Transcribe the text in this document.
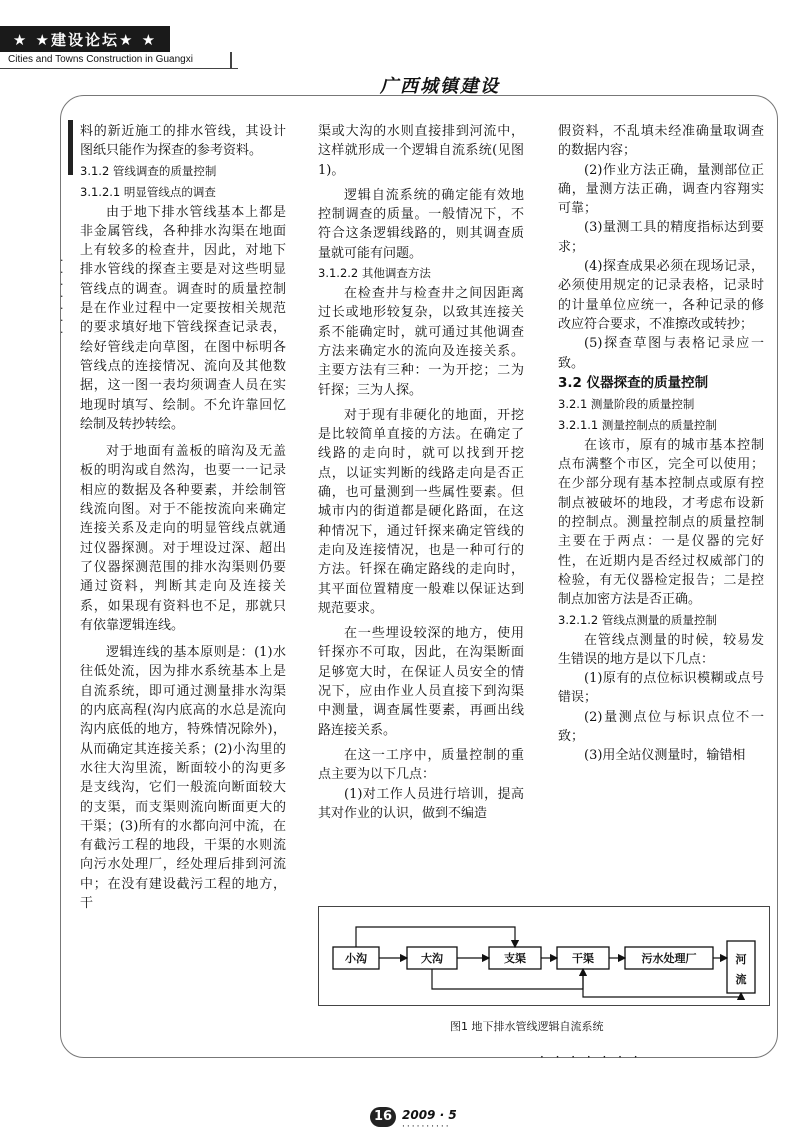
★ ★建设论坛★ ★
Cities and Towns Construction in Guangxi
广西城镇建设
·
·
·
·
·
·
·

料的新近施工的排水管线，其设计图纸只能作为探查的参考资料。

3.1.2 管线调查的质量控制
3.1.2.1 明显管线点的调查

由于地下排水管线基本上都是非金属管线，各种排水沟渠在地面上有较多的检查井，因此，对地下排水管线的探查主要是对这些明显管线点的调查。调查时的质量控制是在作业过程中一定要按相关规范的要求填好地下管线探查记录表，绘好管线走向草图，在图中标明各管线点的连接情况、流向及其他数据，这一图一表均须调查人员在实地现时填写、绘制。不允许靠回忆绘制及转抄转绘。

对于地面有盖板的暗沟及无盖板的明沟或自然沟，也要一一记录相应的数据及各种要素，并绘制管线流向图。对于不能按流向来确定连接关系及走向的明显管线点就通过仪器探测。对于埋设过深、超出了仪器探测范围的排水沟渠则仍要通过资料，判断其走向及连接关系，如果现有资料也不足，那就只有依靠逻辑连线。

逻辑连线的基本原则是：(1)水往低处流，因为排水系统基本上是自流系统，即可通过测量排水沟渠的内底高程(沟内底高的水总是流向沟内底低的地方，特殊情况除外)，从而确定其连接关系；(2)小沟里的水往大沟里流，断面较小的沟更多是支线沟，它们一般流向断面较大的支渠，而支渠则流向断面更大的干渠；(3)所有的水都向河中流，在有截污工程的地段，干渠的水则流向污水处理厂，经处理后排到河流中；在没有建设截污工程的地方，干

渠或大沟的水则直接排到河流中，这样就形成一个逻辑自流系统(见图1)。

逻辑自流系统的确定能有效地控制调查的质量。一般情况下，不符合这条逻辑线路的，则其调查质量就可能有问题。

3.1.2.2 其他调查方法

在检查井与检查井之间因距离过长或地形较复杂，以致其连接关系不能确定时，就可通过其他调查方法来确定水的流向及连接关系。主要方法有三种：一为开挖；二为钎探；三为人探。

对于现有非硬化的地面，开挖是比较简单直接的方法。在确定了线路的走向时，就可以找到开挖点，以证实判断的线路走向是否正确，也可量测到一些属性要素。但城市内的街道都是硬化路面，在这种情况下，通过钎探来确定管线的走向及连接情况，也是一种可行的方法。钎探在确定路线的走向时，其平面位置精度一般难以保证达到规范要求。

在一些埋设较深的地方，使用钎探亦不可取，因此，在沟渠断面足够宽大时，在保证人员安全的情况下，应由作业人员直接下到沟渠中测量，调查属性要素，再画出线路连接关系。

在这一工序中，质量控制的重点主要为以下几点：

(1)对工作人员进行培训，提高其对作业的认识，做到不编造

假资料，不乱填未经准确量取调查的数据内容；

(2)作业方法正确，量测部位正确，量测方法正确，调查内容翔实可靠；

(3)量测工具的精度指标达到要求；

(4)探查成果必须在现场记录，必须使用规定的记录表格，记录时的计量单位应统一，各种记录的修改应符合要求，不准擦改或转抄；

(5)探查草图与表格记录应一致。

3.2 仪器探查的质量控制
3.2.1 测量阶段的质量控制
3.2.1.1 测量控制点的质量控制

在该市，原有的城市基本控制点布满整个市区，完全可以使用；在少部分现有基本控制点或原有控制点被破坏的地段，才考虑布设新的控制点。测量控制点的质量控制主要在于两点：一是仪器的完好性，在近期内是否经过权威部门的检验，有无仪器检定报告；二是控制点加密方法是否正确。

3.2.1.2 管线点测量的质量控制

在管线点测量的时候，较易发生错误的地方是以下几点：

(1)原有的点位标识模糊或点号错误；

(2)量测点位与标识点位不一致；

(3)用全站仪测量时，输错相

小沟	大沟	支渠	干渠	污水处理厂	河
流
图1 地下排水管线逻辑自流系统
· · · · · · ·
16 2009 · 5
··········
